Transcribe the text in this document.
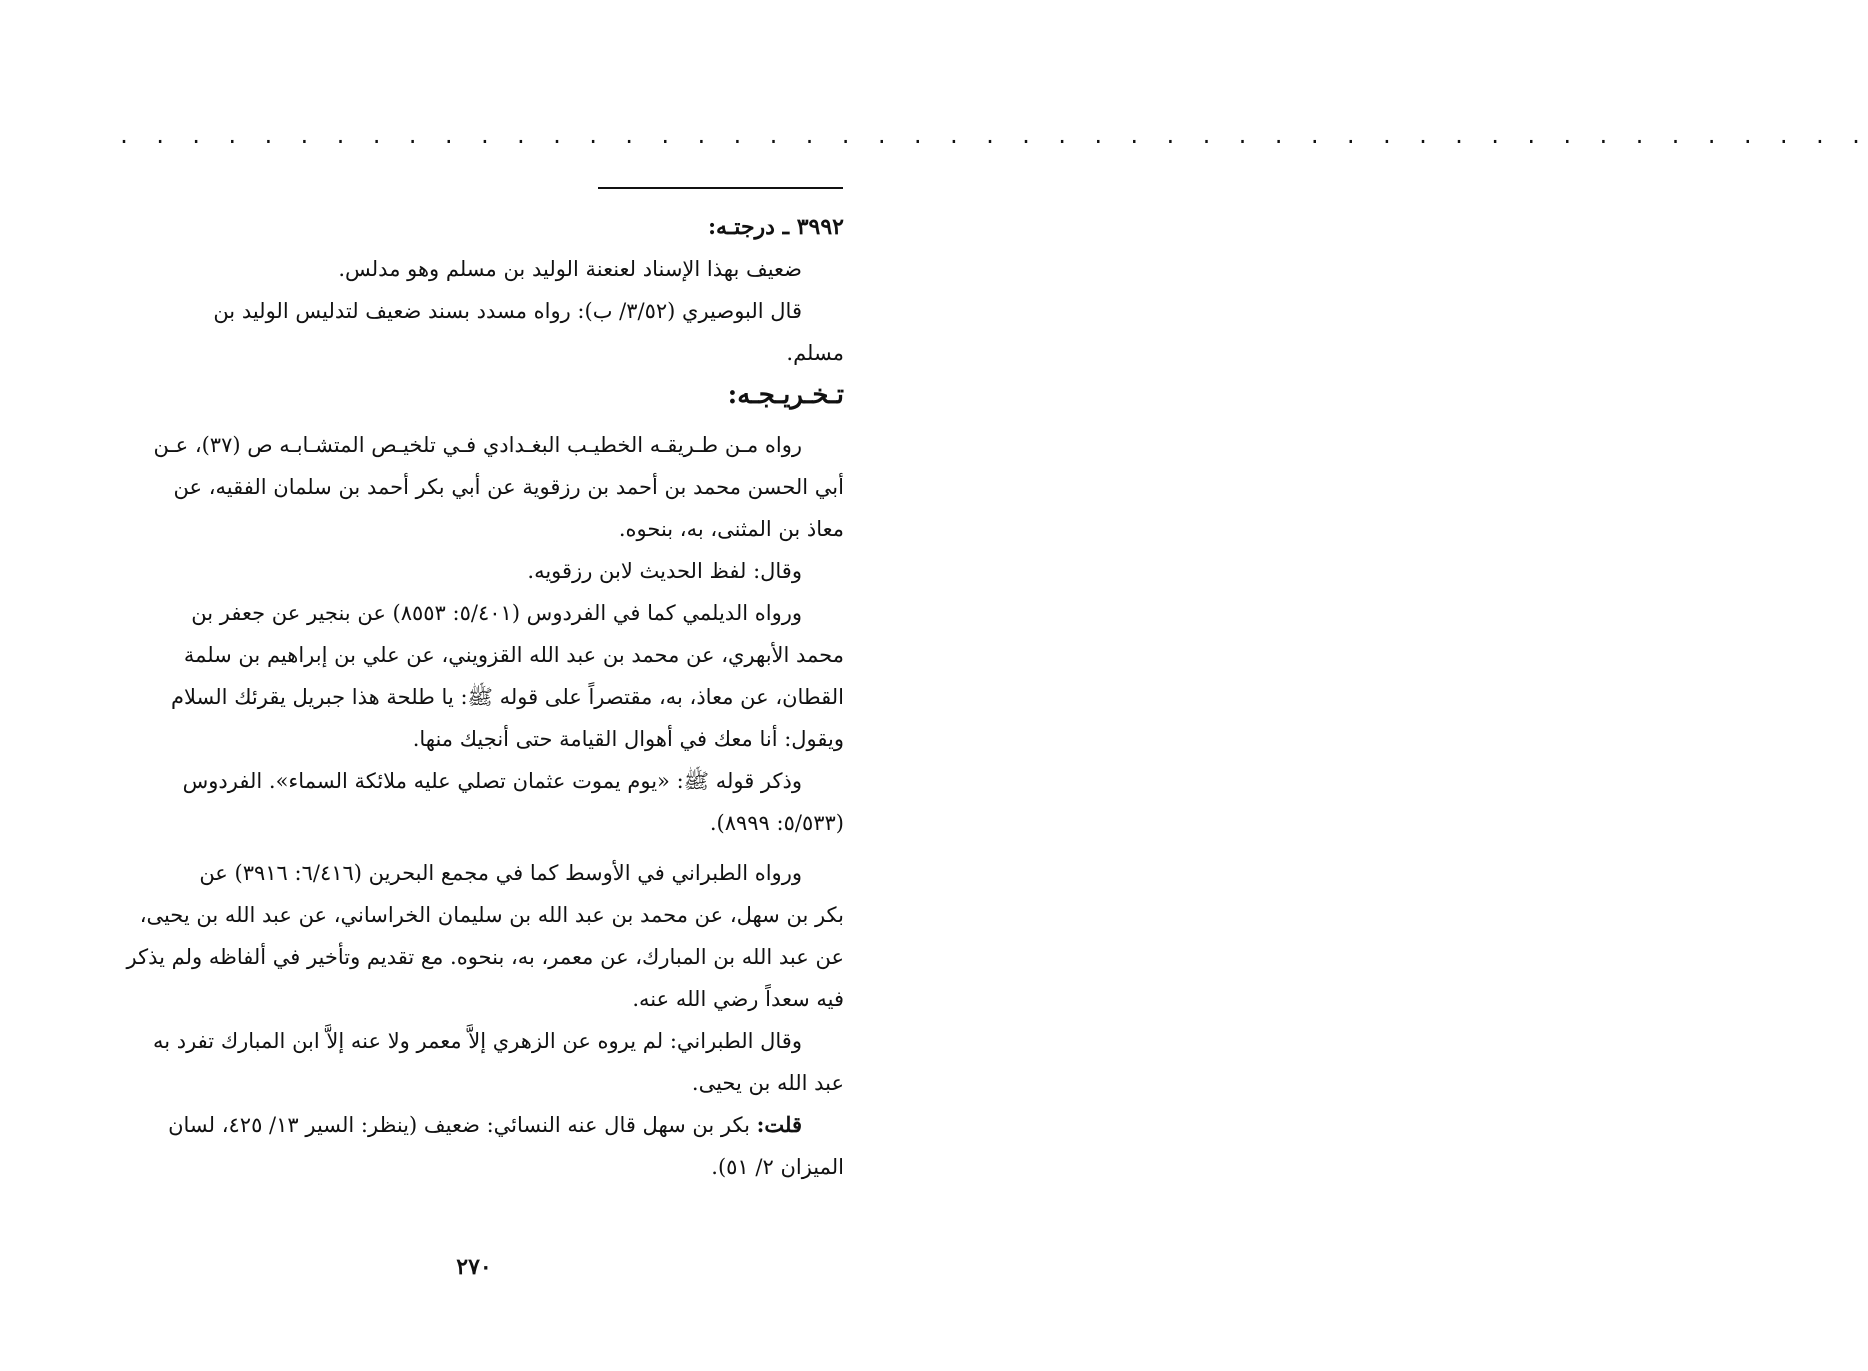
. . . . . . . . . . . . . . . . . . . . . . . . . . . . . . . . . . . . . . . . . . . . . . . . .
٣٩٩٢ ـ درجتـه:
ضعيف بهذا الإسناد لعنعنة الوليد بن مسلم وهو مدلس.
قال البوصيري (٣/٥٢/ ب): رواه مسدد بسند ضعيف لتدليس الوليد بن
مسلم.
تـخـريـجـه:
رواه مـن طـريقـه الخطيـب البغـدادي فـي تلخيـص المتشـابـه ص (٣٧)، عـن
أبي الحسن محمد بن أحمد بن رزقوية عن أبي بكر أحمد بن سلمان الفقيه، عن
معاذ بن المثنى، به، بنحوه.
وقال: لفظ الحديث لابن رزقويه.
ورواه الديلمي كما في الفردوس (٥/٤٠١: ٨٥٥٣) عن بنجير عن جعفر بن
محمد الأبهري، عن محمد بن عبد الله القزويني، عن علي بن إبراهيم بن سلمة
القطان، عن معاذ، به، مقتصراً على قوله ﷺ: يا طلحة هذا جبريل يقرئك السلام
ويقول: أنا معك في أهوال القيامة حتى أنجيك منها.
وذكر قوله ﷺ: «يوم يموت عثمان تصلي عليه ملائكة السماء». الفردوس
(٥/٥٣٣: ٨٩٩٩).
ورواه الطبراني في الأوسط كما في مجمع البحرين (٦/٤١٦: ٣٩١٦) عن
بكر بن سهل، عن محمد بن عبد الله بن سليمان الخراساني، عن عبد الله بن يحيى،
عن عبد الله بن المبارك، عن معمر، به، بنحوه. مع تقديم وتأخير في ألفاظه ولم يذكر
فيه سعداً رضي الله عنه.
وقال الطبراني: لم يروه عن الزهري إلاَّ معمر ولا عنه إلاَّ ابن المبارك تفرد به
عبد الله بن يحيى.
قلت: بكر بن سهل قال عنه النسائي: ضعيف (ينظر: السير ١٣/ ٤٢٥، لسان
الميزان ٢/ ٥١).
٢٧٠
